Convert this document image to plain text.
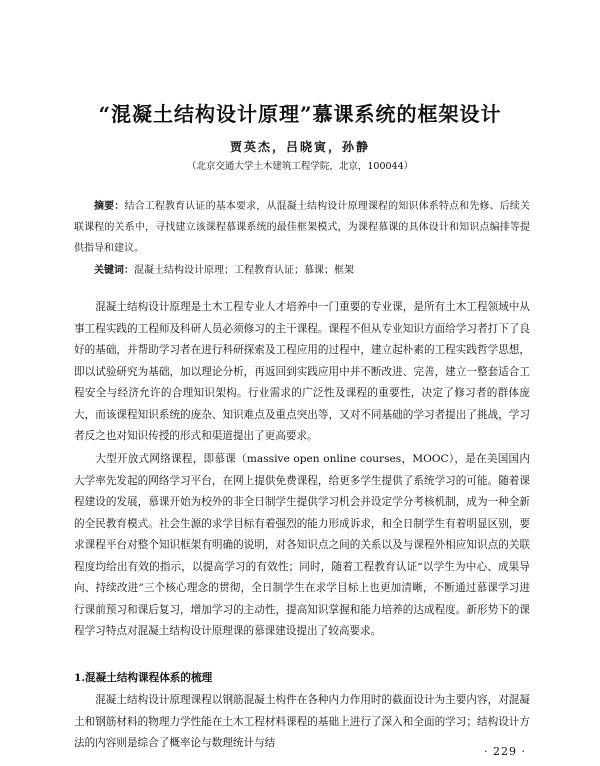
“混凝土结构设计原理”慕课系统的框架设计
贾英杰，吕晓寅，孙静
（北京交通大学土木建筑工程学院，北京，100044）

摘要：结合工程教育认证的基本要求，从混凝土结构设计原理课程的知识体系特点和先修、后续关联课程的关系中，寻找建立该课程慕课系统的最佳框架模式，为课程慕课的具体设计和知识点编排等提供指导和建议。

关键词：混凝土结构设计原理；工程教育认证；慕课；框架

混凝土结构设计原理是土木工程专业人才培养中一门重要的专业课，是所有土木工程领域中从事工程实践的工程师及科研人员必须修习的主干课程。课程不但从专业知识方面给学习者打下了良好的基础，并帮助学习者在进行科研探索及工程应用的过程中，建立起朴素的工程实践哲学思想，即以试验研究为基础，加以理论分析，再返回到实践应用中并不断改进、完善，建立一整套适合工程安全与经济允许的合理知识架构。行业需求的广泛性及课程的重要性，决定了修习者的群体庞大，而该课程知识系统的庞杂、知识难点及重点突出等，又对不同基础的学习者提出了挑战，学习者反之也对知识传授的形式和渠道提出了更高要求。

大型开放式网络课程，即慕课（massive open online courses，MOOC），是在美国国内大学率先发起的网络学习平台，在网上提供免费课程，给更多学生提供了系统学习的可能。随着课程建设的发展，慕课开始为校外的非全日制学生提供学习机会并设定学分考核机制，成为一种全新的全民教育模式。社会生源的求学目标有着强烈的能力形成诉求，和全日制学生有着明显区别，要求课程平台对整个知识框架有明确的说明，对各知识点之间的关系以及与课程外相应知识点的关联程度均给出有效的指示，以提高学习的有效性；同时，随着工程教育认证“以学生为中心、成果导向、持续改进”三个核心理念的贯彻，全日制学生在求学目标上也更加清晰，不断通过慕课学习进行课前预习和课后复习，增加学习的主动性，提高知识掌握和能力培养的达成程度。新形势下的课程学习特点对混凝土结构设计原理课的慕课建设提出了较高要求。

1.混凝土结构课程体系的梳理

混凝土结构设计原理课程以钢筋混凝土构件在各种内力作用时的截面设计为主要内容，对混凝土和钢筋材料的物理力学性能在土木工程材料课程的基础上进行了深入和全面的学习；结构设计方法的内容则是综合了概率论与数理统计与结

· 229 ·
